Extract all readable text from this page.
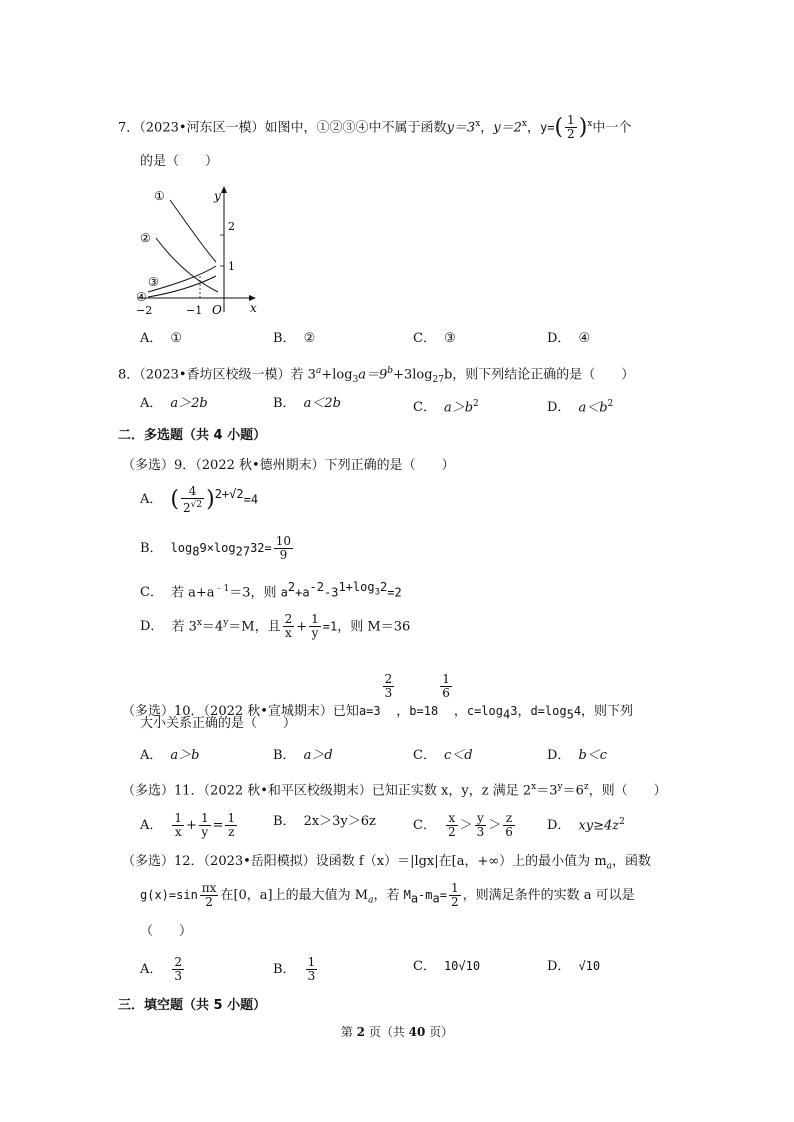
7．（2023•河东区一模）如图中，①②③④中不属于函数$y=3^x$，$y=2^x$，$y=( \frac{1}{2} )^x$中一个
的是（　　）
y
x
O
2
1
−1
−2
①
②
③
④
A． ①	B． ②	C． ③	D． ④
8．（2023•香坊区校级一模）若 $3^a+\log_3a=9^b+3\log_{27}b$，则下列结论正确的是（　　）
A． a＞2b	B． a＜2b	C． $a>b^2$	D． $a<b^2$
二．多选题（共 4 小题）
（多选）9．（2022 秋•德州期末）下列正确的是（　　）
A． ( $\frac{4}{2^{√2}} )^{2+√2}=4$
B． $\log_89\times\log_{27}32= \frac{10}{9}$
C． 若 $a+a^{﹣1}=3$，则 $a^2+a^{-2}-3^{1+log_32}=2$
D． 若 $3^x=4^y=M$，且 $\frac{2}{x} + \frac{1}{y} =1$，则 M＝36
（多选）10．（2022 秋•宣城期末）已知a=3
$^{\frac{2}{3}}$
，b=18
$^{\frac{1}{6}}$
，$c=\log_43$，$d=\log_54$，则下列
大小关系正确的是（　　）
A． a＞b	B． a＞d	C． c＜d	D． b＜c
（多选）11．（2022 秋•和平区校级期末）已知正实数 x，y，z 满足 $2^x=3^y=6^z$，则（　　）
A． $\frac{1}{x} + \frac{1}{y} = \frac{1}{z}$	B． 2x＞3y＞6z	C． $\frac{x}{2} > \frac{y}{3} > \frac{z}{6}$ D． $xy\ge 4z^2$
（多选）12．（2023•岳阳模拟）设函数 f（x）＝|lgx|在[a，+∞）上的最小值为 $m_a$，函数
$g(x)=\sin \frac{\pi x}{2}$ 在[0，a]上的最大值为 $M_a$，若 $M_a-m_a= \frac{1}{2}$ ，则满足条件的实数 a 可以是
（　　）
A． $\frac{2}{3}$	B． $\frac{1}{3}$	C． 10√10	D． √10
三．填空题（共 5 小题）
第 2 页（共 40 页）
